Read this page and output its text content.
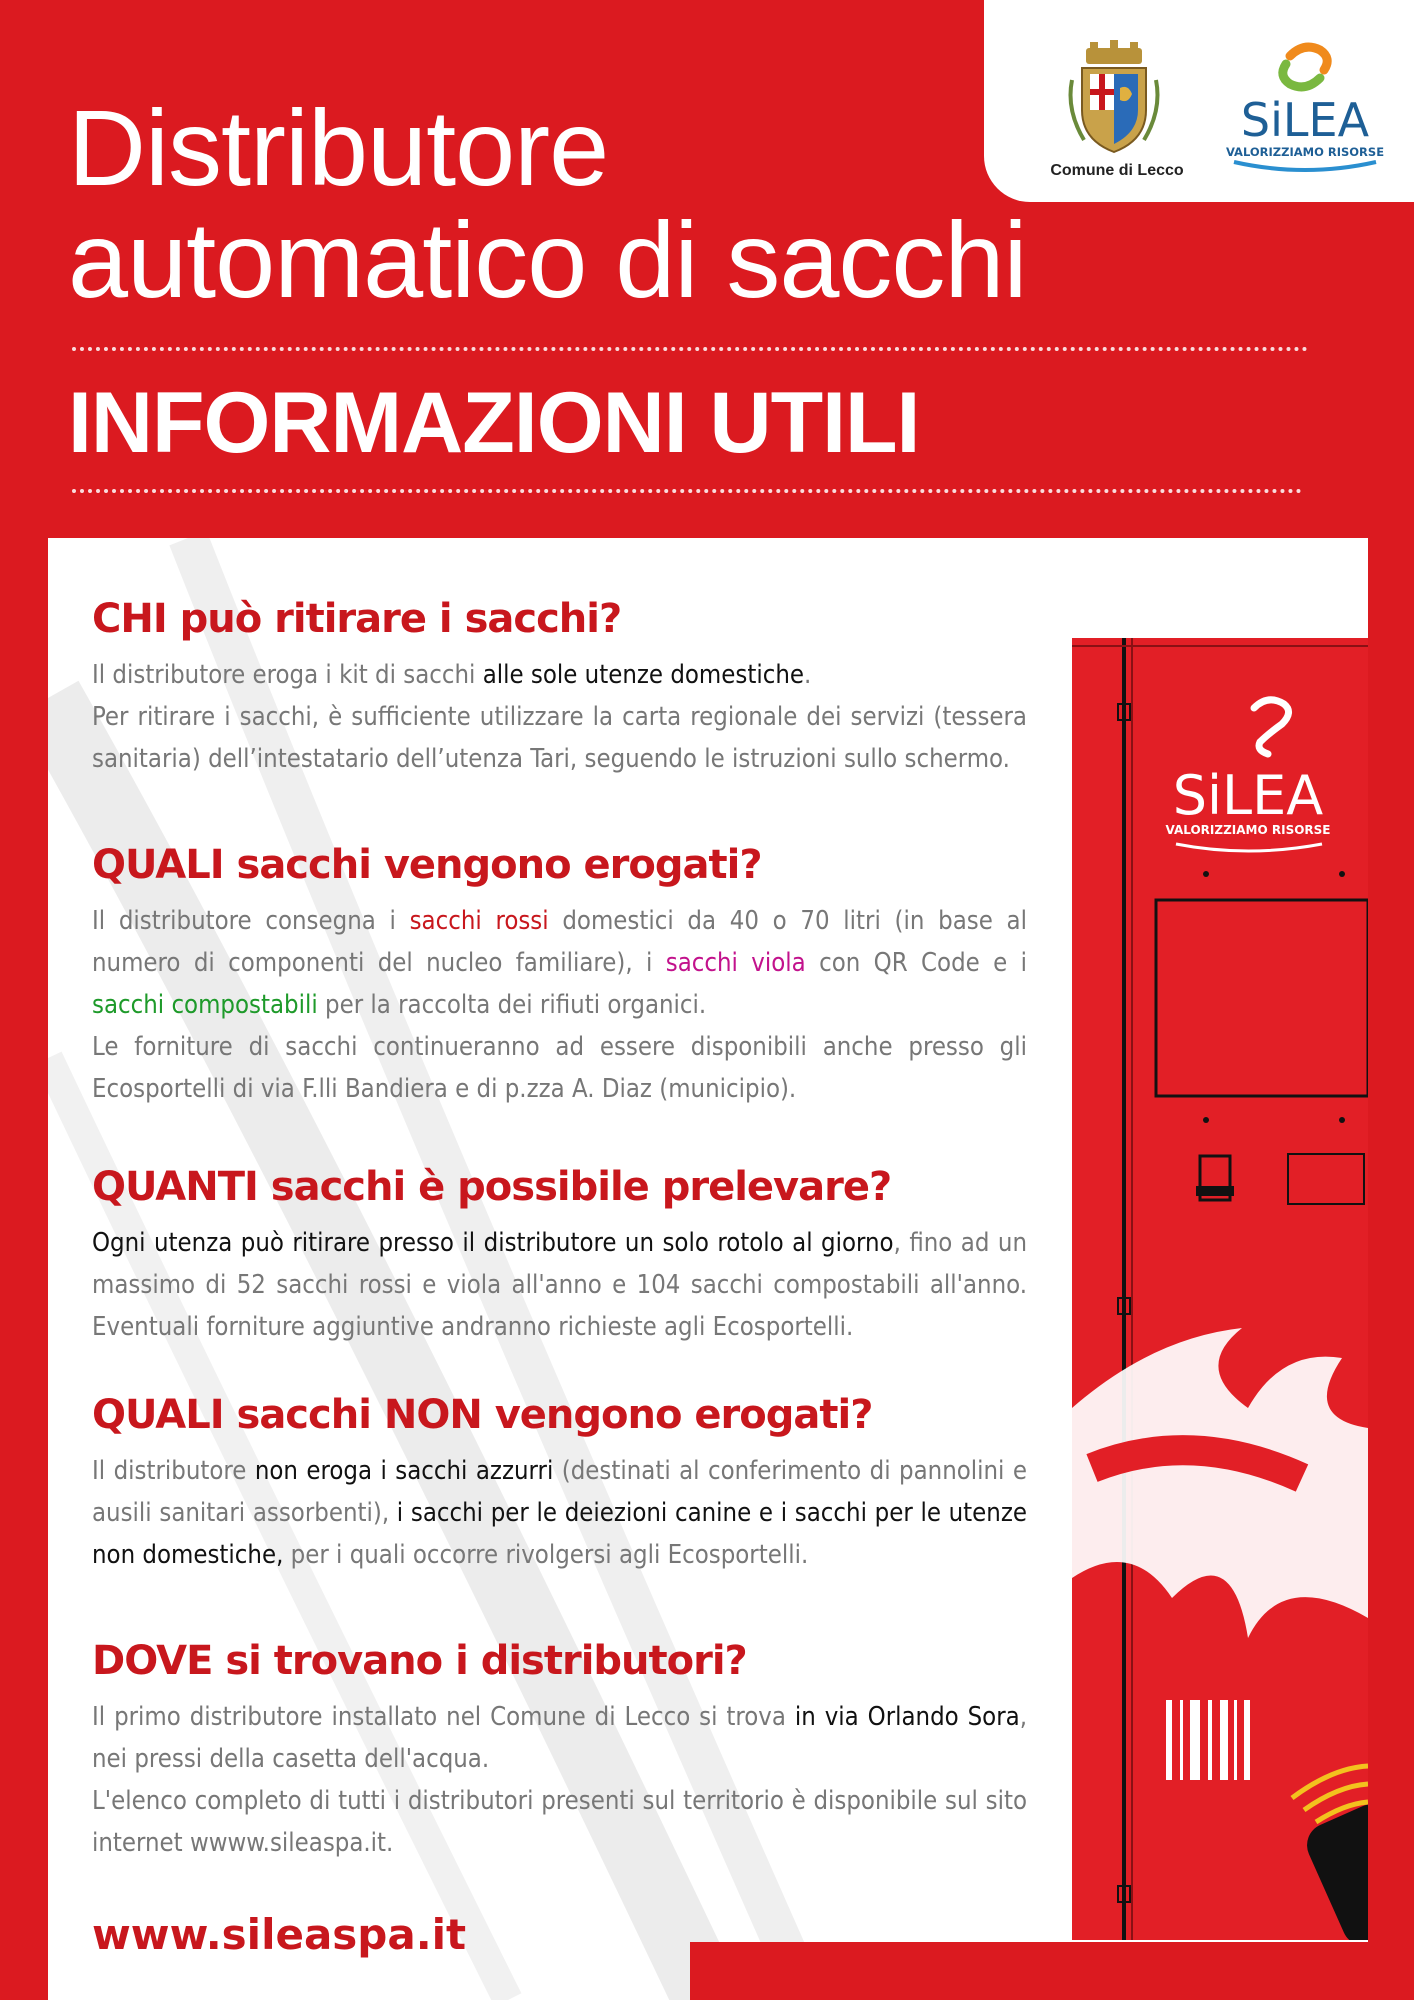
Comune di Lecco
SiLEA
VALORIZZIAMO RISORSE
Distributore
automatico di sacchi
INFORMAZIONI UTILI
SiLEA
VALORIZZIAMO RISORSE
CHI può ritirare i sacchi?

Il distributore eroga i kit di sacchi alle sole utenze domestiche.
Per ritirare i sacchi, è sufficiente utilizzare la carta regionale dei servizi (tessera sanitaria) dell’intestatario dell’utenza Tari, seguendo le istruzioni sullo schermo.

QUALI sacchi vengono erogati?

Il distributore consegna i sacchi rossi domestici da 40 o 70 litri (in base al numero di componenti del nucleo familiare), i sacchi viola con QR Code e i sacchi compostabili per la raccolta dei rifiuti organici.
Le forniture di sacchi continueranno ad essere disponibili anche presso gli Ecosportelli di via F.lli Bandiera e di p.zza A. Diaz (municipio).

QUANTI sacchi è possibile prelevare?

Ogni utenza può ritirare presso il distributore un solo rotolo al giorno, fino ad un massimo di 52 sacchi rossi e viola all'anno e 104 sacchi compostabili all'anno. Eventuali forniture aggiuntive andranno richieste agli Ecosportelli.

QUALI sacchi NON vengono erogati?

Il distributore non eroga i sacchi azzurri (destinati al conferimento di pannolini e ausili sanitari assorbenti), i sacchi per le deiezioni canine e i sacchi per le utenze non domestiche, per i quali occorre rivolgersi agli Ecosportelli.

DOVE si trovano i distributori?

Il primo distributore installato nel Comune di Lecco si trova in via Orlando Sora, nei pressi della casetta dell'acqua.
L'elenco completo di tutti i distributori presenti sul territorio è disponibile sul sito internet wwww.sileaspa.it.

www.sileaspa.it
